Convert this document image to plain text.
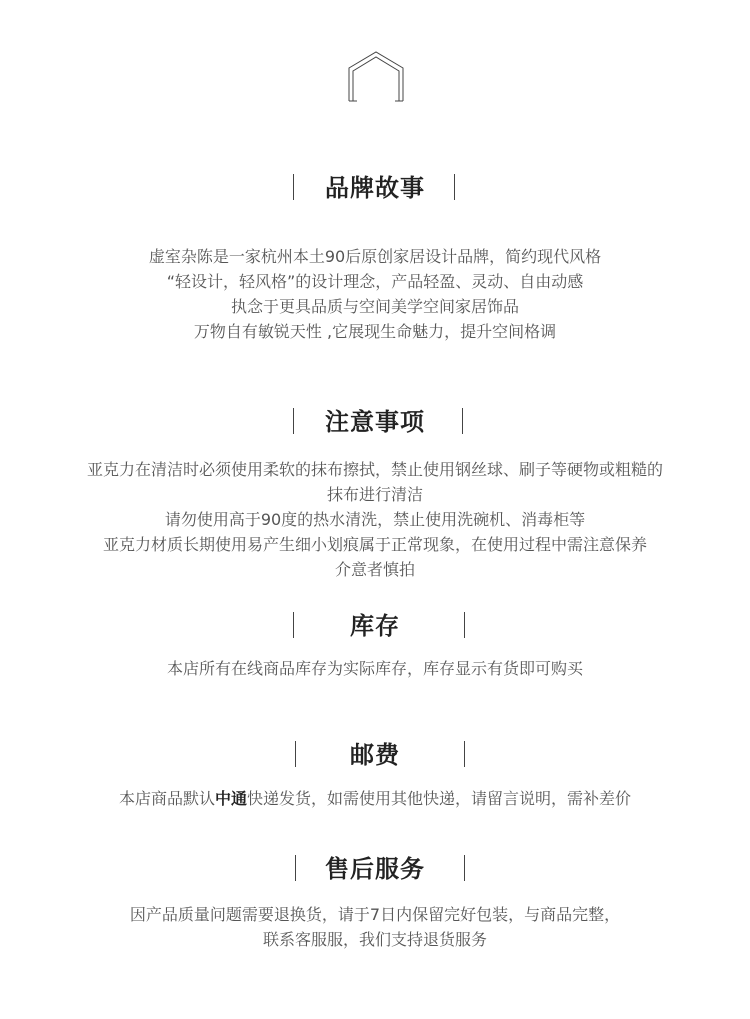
品牌故事
虚室杂陈是一家杭州本土90后原创家居设计品牌，简约现代风格
“轻设计，轻风格”的设计理念，产品轻盈、灵动、自由动感
执念于更具品质与空间美学空间家居饰品
万物自有敏锐天性 ,它展现生命魅力，提升空间格调
注意事项
亚克力在清洁时必须使用柔软的抹布擦拭，禁止使用钢丝球、刷子等硬物或粗糙的
抹布进行清洁
请勿使用高于90度的热水清洗，禁止使用洗碗机、消毒柜等
亚克力材质长期使用易产生细小划痕属于正常现象，在使用过程中需注意保养
介意者慎拍
库存
本店所有在线商品库存为实际库存，库存显示有货即可购买
邮费
本店商品默认中通快递发货，如需使用其他快递，请留言说明，需补差价
售后服务
因产品质量问题需要退换货，请于7日内保留完好包装，与商品完整，
联系客服服，我们支持退货服务
